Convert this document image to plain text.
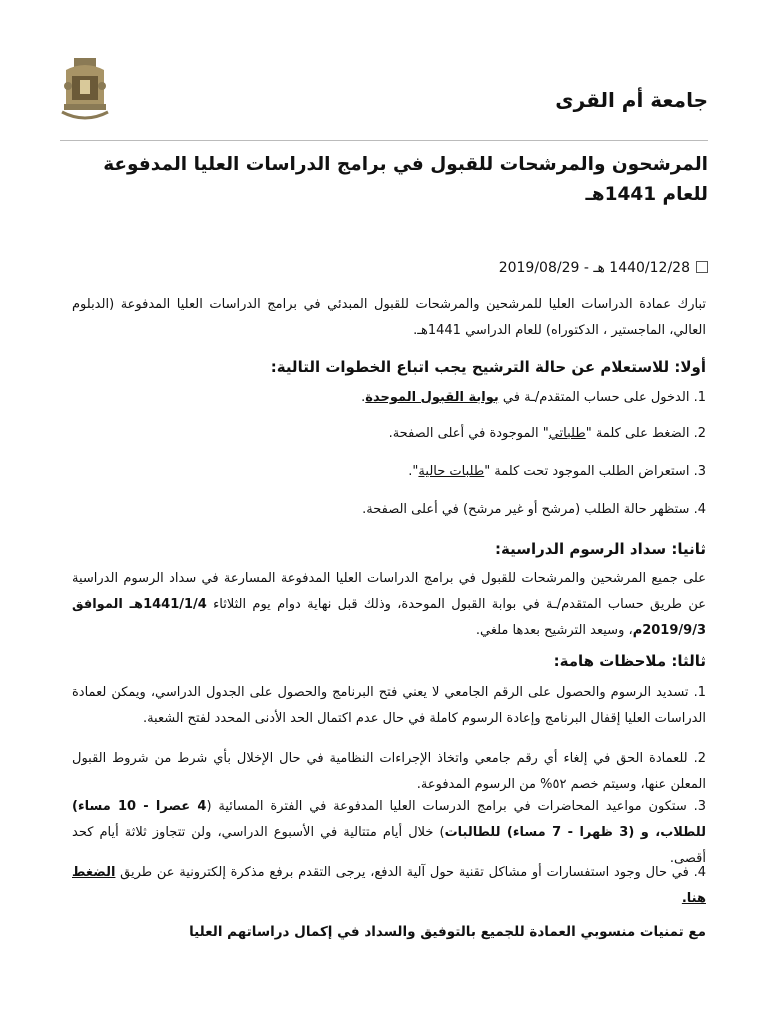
جامعة أم القرى
المرشحون والمرشحات للقبول في برامج الدراسات العليا المدفوعة للعام 1441هـ
1440/12/28 هـ - 2019/08/29
تبارك عمادة الدراسات العليا للمرشحين والمرشحات للقبول المبدئي في برامج الدراسات العليا المدفوعة (الدبلوم العالي، الماجستير ، الدكتوراه) للعام الدراسي 1441هـ.
أولا: للاستعلام عن حالة الترشيح يجب اتباع الخطوات التالية:
1. الدخول على حساب المتقدم/ـة في بوابة القبول الموحدة.
2. الضغط على كلمة "طلباتي" الموجودة في أعلى الصفحة.
3. استعراض الطلب الموجود تحت كلمة "طلبات حالية".
4. ستظهر حالة الطلب (مرشح أو غير مرشح) في أعلى الصفحة.
ثانيا: سداد الرسوم الدراسية:
على جميع المرشحين والمرشحات للقبول في برامج الدراسات العليا المدفوعة المسارعة في سداد الرسوم الدراسية عن طريق حساب المتقدم/ـة في بوابة القبول الموحدة، وذلك قبل نهاية دوام يوم الثلاثاء 1441/1/4هـ الموافق 2019/9/3م، وسيعد الترشيح بعدها ملغي.
ثالثا: ملاحظات هامة:
1. تسديد الرسوم والحصول على الرقم الجامعي لا يعني فتح البرنامج والحصول على الجدول الدراسي، ويمكن لعمادة الدراسات العليا إقفال البرنامج وإعادة الرسوم كاملة في حال عدم اكتمال الحد الأدنى المحدد لفتح الشعبة.
2. للعمادة الحق في إلغاء أي رقم جامعي واتخاذ الإجراءات النظامية في حال الإخلال بأي شرط من شروط القبول المعلن عنها، وسيتم خصم ٥٢% من الرسوم المدفوعة.
3. ستكون مواعيد المحاضرات في برامج الدرسات العليا المدفوعة في الفترة المسائية (4 عصرا - 10 مساء) للطلاب، و (3 ظهرا - 7 مساء) للطالبات) خلال أيام متتالية في الأسبوع الدراسي، ولن تتجاوز ثلاثة أيام كحد أقصى.
4. في حال وجود استفسارات أو مشاكل تقنية حول آلية الدفع، يرجى التقدم برفع مذكرة إلكترونية عن طريق الضغط هنا.
مع تمنيات منسوبي العمادة للجميع بالتوفيق والسداد في إكمال دراساتهم العليا
